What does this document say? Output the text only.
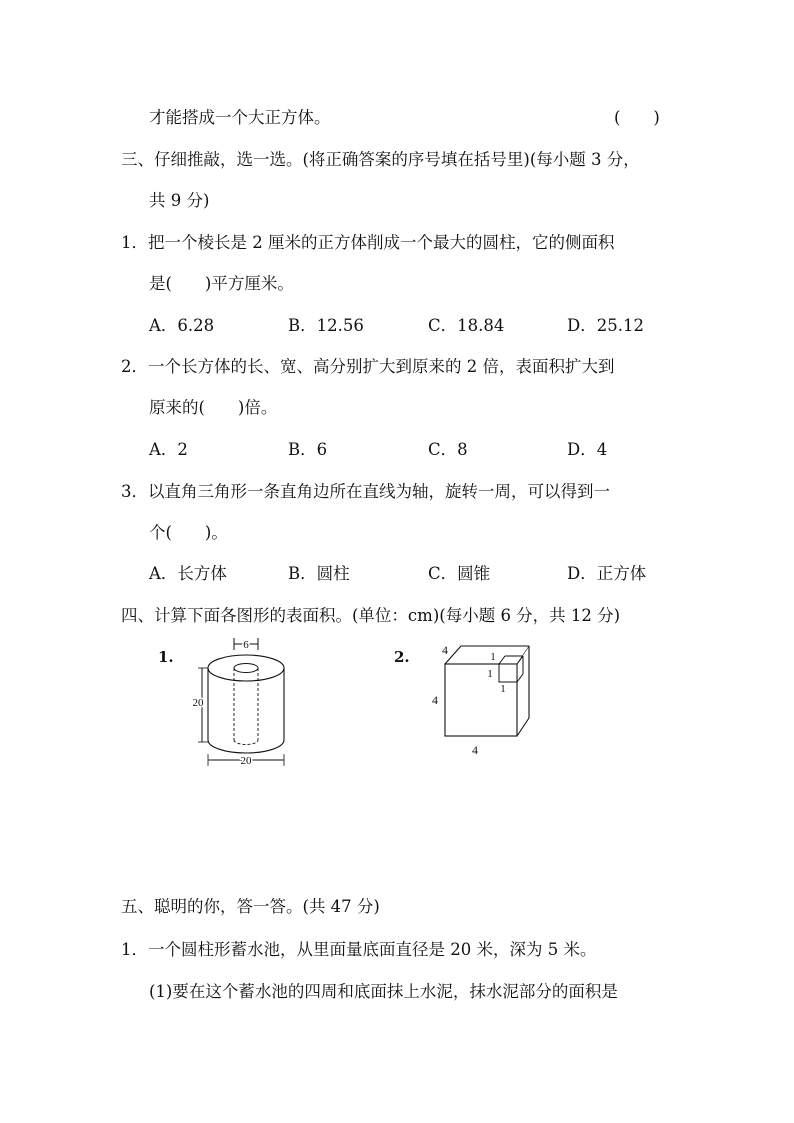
才能搭成一个大正方体。	(　　)
三、仔细推敲，选一选。(将正确答案的序号填在括号里)(每小题 3 分，
共 9 分)
1．把一个棱长是 2 厘米的正方体削成一个最大的圆柱，它的侧面积
是(　　)平方厘米。
A．6.28	B．12.56	C．18.84	D．25.12
2．一个长方体的长、宽、高分别扩大到原来的 2 倍，表面积扩大到
原来的(　　)倍。
A．2	B．6	C．8	D．4
3．以直角三角形一条直角边所在直线为轴，旋转一周，可以得到一
个(　　)。
A．长方体	B．圆柱	C．圆锥	D．正方体
四、计算下面各图形的表面积。(单位：cm)(每小题 6 分，共 12 分)
1.
6
20
20
2.	4
4
4
1
1
1
五、聪明的你，答一答。(共 47 分)
1．一个圆柱形蓄水池，从里面量底面直径是 20 米，深为 5 米。
(1)要在这个蓄水池的四周和底面抹上水泥，抹水泥部分的面积是
